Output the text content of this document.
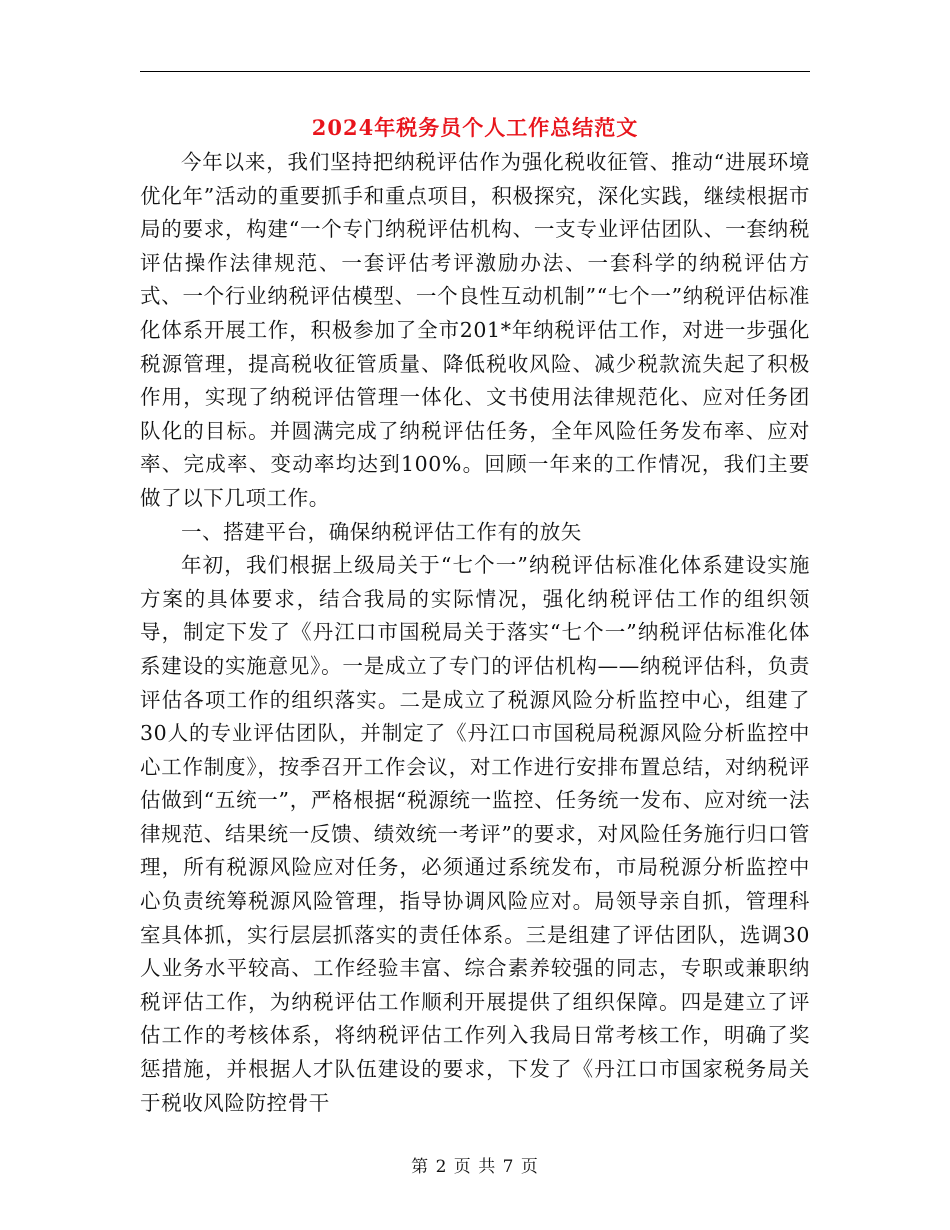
2024年税务员个人工作总结范文

今年以来，我们坚持把纳税评估作为强化税收征管、推动“进展环境优化年”活动的重要抓手和重点项目，积极探究，深化实践，继续根据市局的要求，构建“一个专门纳税评估机构、一支专业评估团队、一套纳税评估操作法律规范、一套评估考评激励办法、一套科学的纳税评估方式、一个行业纳税评估模型、一个良性互动机制”“七个一”纳税评估标准化体系开展工作，积极参加了全市201*年纳税评估工作，对进一步强化税源管理，提高税收征管质量、降低税收风险、减少税款流失起了积极作用，实现了纳税评估管理一体化、文书使用法律规范化、应对任务团队化的目标。并圆满完成了纳税评估任务，全年风险任务发布率、应对率、完成率、变动率均达到100%。回顾一年来的工作情况，我们主要做了以下几项工作。

一、搭建平台，确保纳税评估工作有的放矢

年初，我们根据上级局关于“七个一”纳税评估标准化体系建设实施方案的具体要求，结合我局的实际情况，强化纳税评估工作的组织领导，制定下发了《丹江口市国税局关于落实“七个一”纳税评估标准化体系建设的实施意见》。一是成立了专门的评估机构——纳税评估科，负责评估各项工作的组织落实。二是成立了税源风险分析监控中心，组建了30人的专业评估团队，并制定了《丹江口市国税局税源风险分析监控中心工作制度》，按季召开工作会议，对工作进行安排布置总结，对纳税评估做到“五统一”，严格根据“税源统一监控、任务统一发布、应对统一法律规范、结果统一反馈、绩效统一考评”的要求，对风险任务施行归口管理，所有税源风险应对任务，必须通过系统发布，市局税源分析监控中心负责统筹税源风险管理，指导协调风险应对。局领导亲自抓，管理科室具体抓，实行层层抓落实的责任体系。三是组建了评估团队，选调30人业务水平较高、工作经验丰富、综合素养较强的同志，专职或兼职纳税评估工作，为纳税评估工作顺利开展提供了组织保障。四是建立了评估工作的考核体系，将纳税评估工作列入我局日常考核工作，明确了奖惩措施，并根据人才队伍建设的要求，下发了《丹江口市国家税务局关于税收风险防控骨干

第 2 页 共 7 页
